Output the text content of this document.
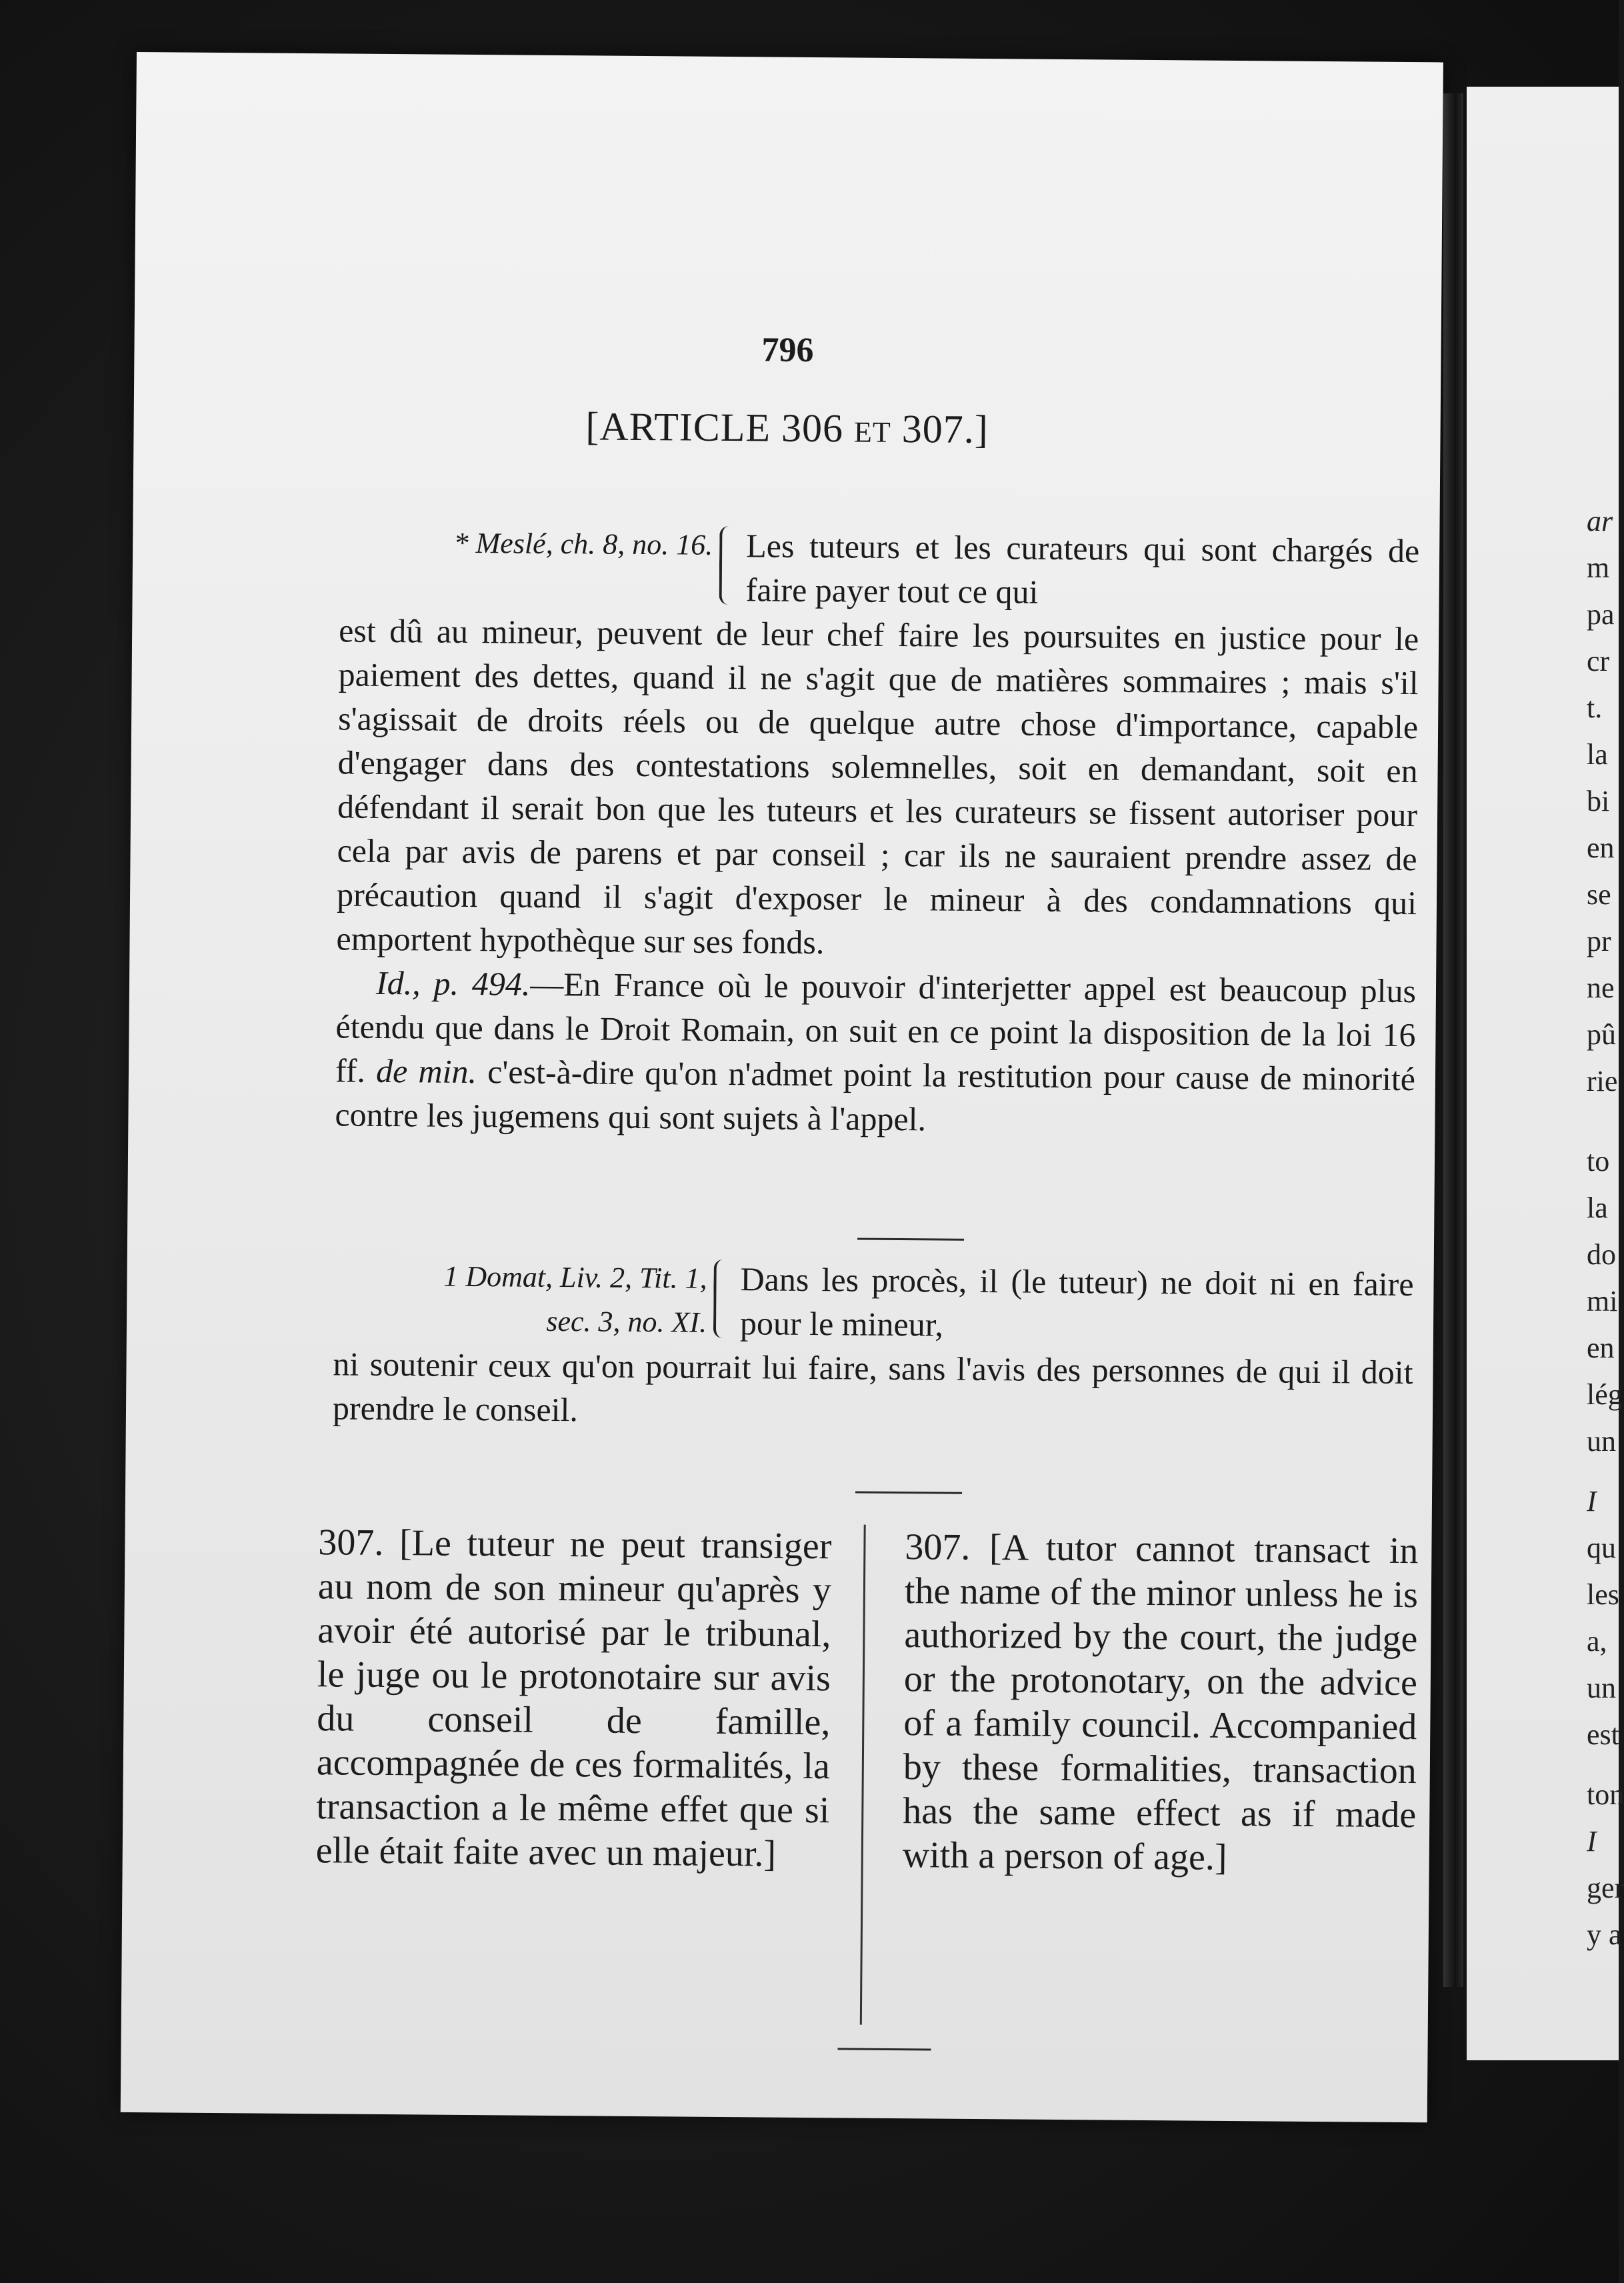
796
[ARTICLE 306 ET 307.]
* Meslé, ch. 8, no. 16. Les tuteurs et les curateurs qui sont chargés de faire payer tout ce qui

est dû au mineur, peuvent de leur chef faire les poursuites en justice pour le paiement des dettes, quand il ne s'agit que de matières sommaires ; mais s'il s'agissait de droits réels ou de quelque autre chose d'importance, capable d'engager dans des contestations solemnelles, soit en demandant, soit en défendant il serait bon que les tuteurs et les curateurs se fissent autoriser pour cela par avis de parens et par conseil ; car ils ne sauraient prendre assez de précaution quand il s'agit d'exposer le mineur à des condamnations qui emportent hypothèque sur ses fonds.

Id., p. 494.—En France où le pouvoir d'interjetter appel est beaucoup plus étendu que dans le Droit Romain, on suit en ce point la disposition de la loi 16 ff. de min. c'est-à-dire qu'on n'admet point la restitution pour cause de minorité contre les jugemens qui sont sujets à l'appel.

1 Domat, Liv. 2, Tit. 1,
sec. 3, no. XI.
Dans les procès, il (le tuteur) ne doit ni en faire pour le mineur,

ni soutenir ceux qu'on pourrait lui faire, sans l'avis des personnes de qui il doit prendre le conseil.

307. [Le tuteur ne peut transiger au nom de son mineur qu'après y avoir été autorisé par le tribunal, le juge ou le protonotaire sur avis du conseil de famille, accompagnée de ces formalités, la transaction a le même effet que si elle était faite avec un majeur.]
307. [A tutor cannot transact in the name of the minor unless he is authorized by the court, the judge or the protonotary, on the advice of a family council. Accompanied by these formalities, transaction has the same effect as if made with a person of age.]
ar
m
pa
cr
t.
la
bi
en
se
pr
ne
pû
rie
to
la
do
mi
en
lég
un
I
qu
les
a,
un
est
ton
I
ger
y a
